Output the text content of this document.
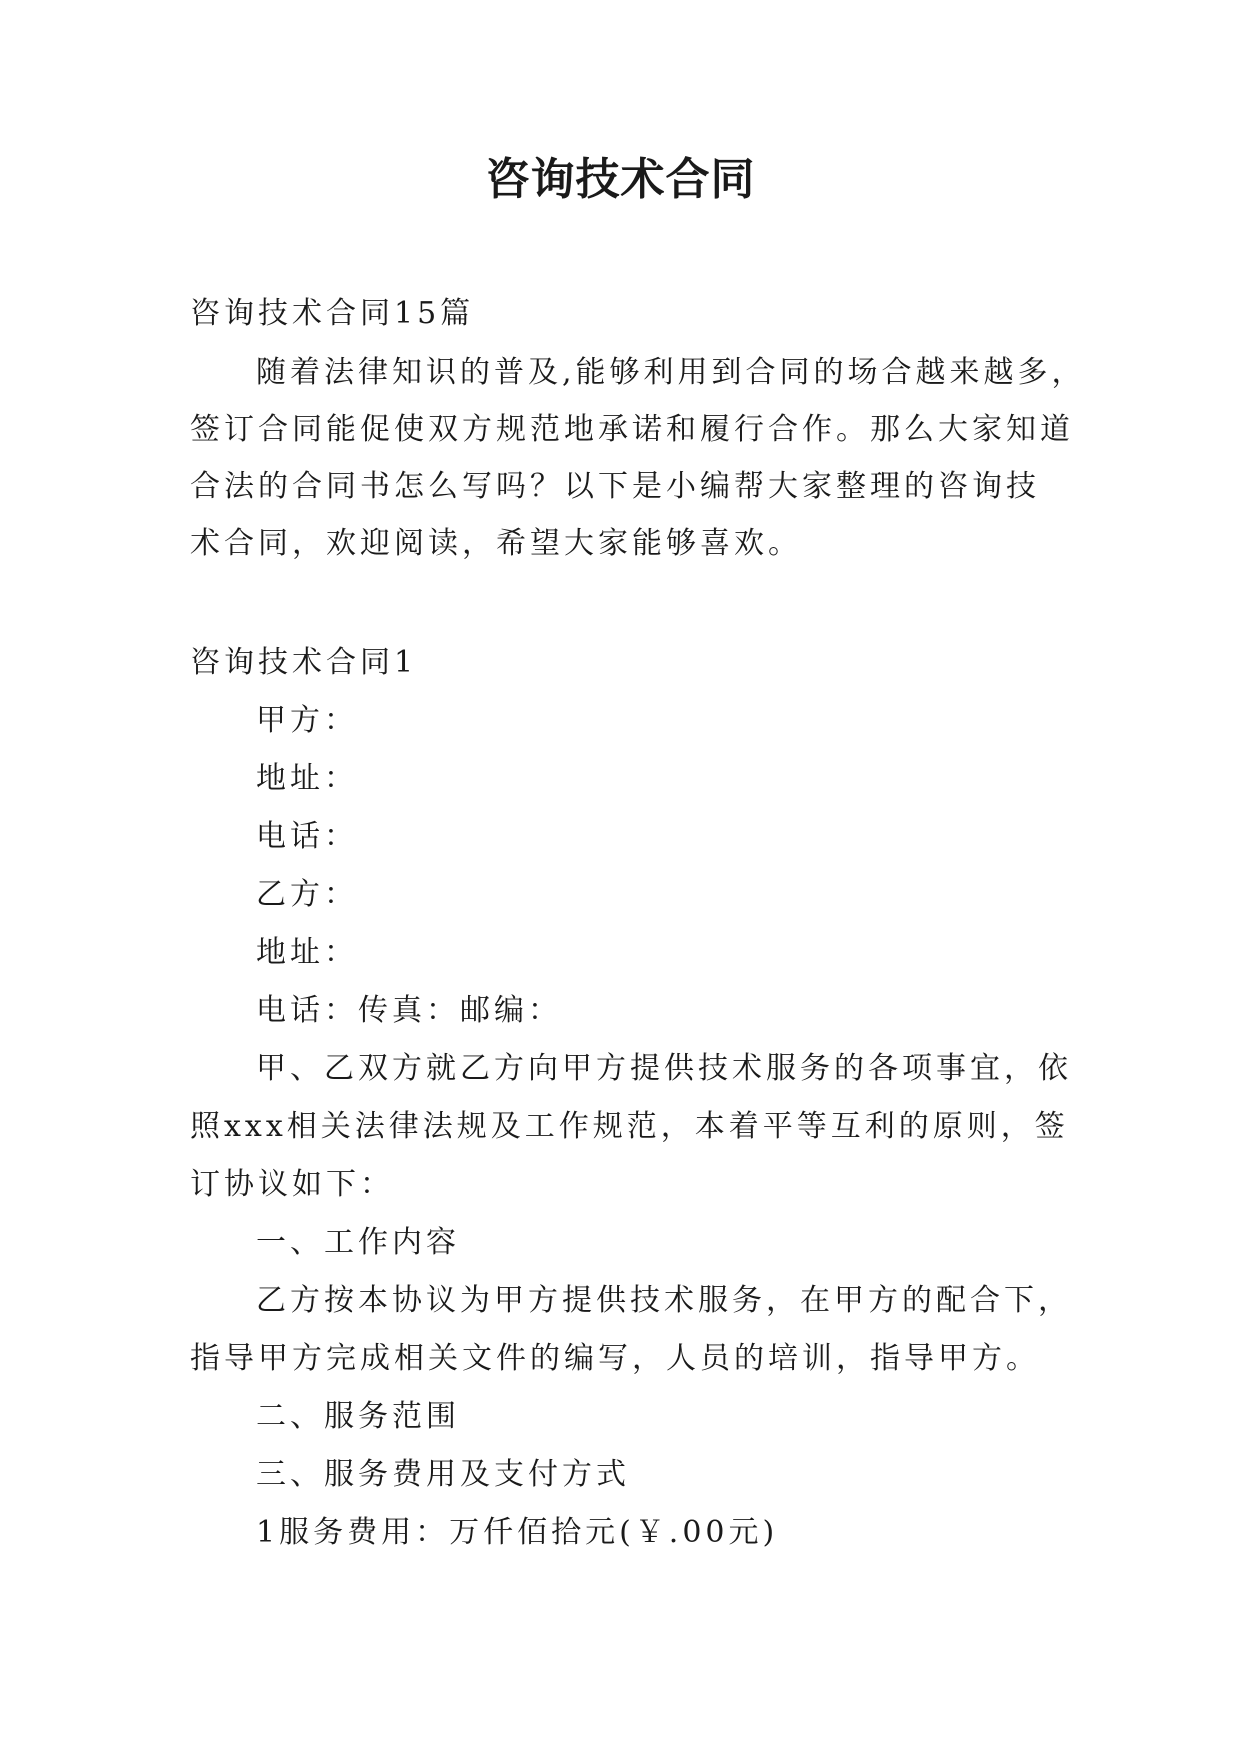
咨询技术合同
咨询技术合同15篇
随着法律知识的普及,能够利用到合同的场合越来越多，
签订合同能促使双方规范地承诺和履行合作。那么大家知道
合法的合同书怎么写吗？以下是小编帮大家整理的咨询技
术合同，欢迎阅读，希望大家能够喜欢。
咨询技术合同1
甲方：
地址：
电话：
乙方：
地址：
电话：传真：邮编：
甲、乙双方就乙方向甲方提供技术服务的各项事宜，依
照xxx相关法律法规及工作规范，本着平等互利的原则，签
订协议如下：
一、工作内容
乙方按本协议为甲方提供技术服务，在甲方的配合下，
指导甲方完成相关文件的编写，人员的培训，指导甲方。
二、服务范围
三、服务费用及支付方式
1服务费用：万仟佰拾元(￥.00元)
